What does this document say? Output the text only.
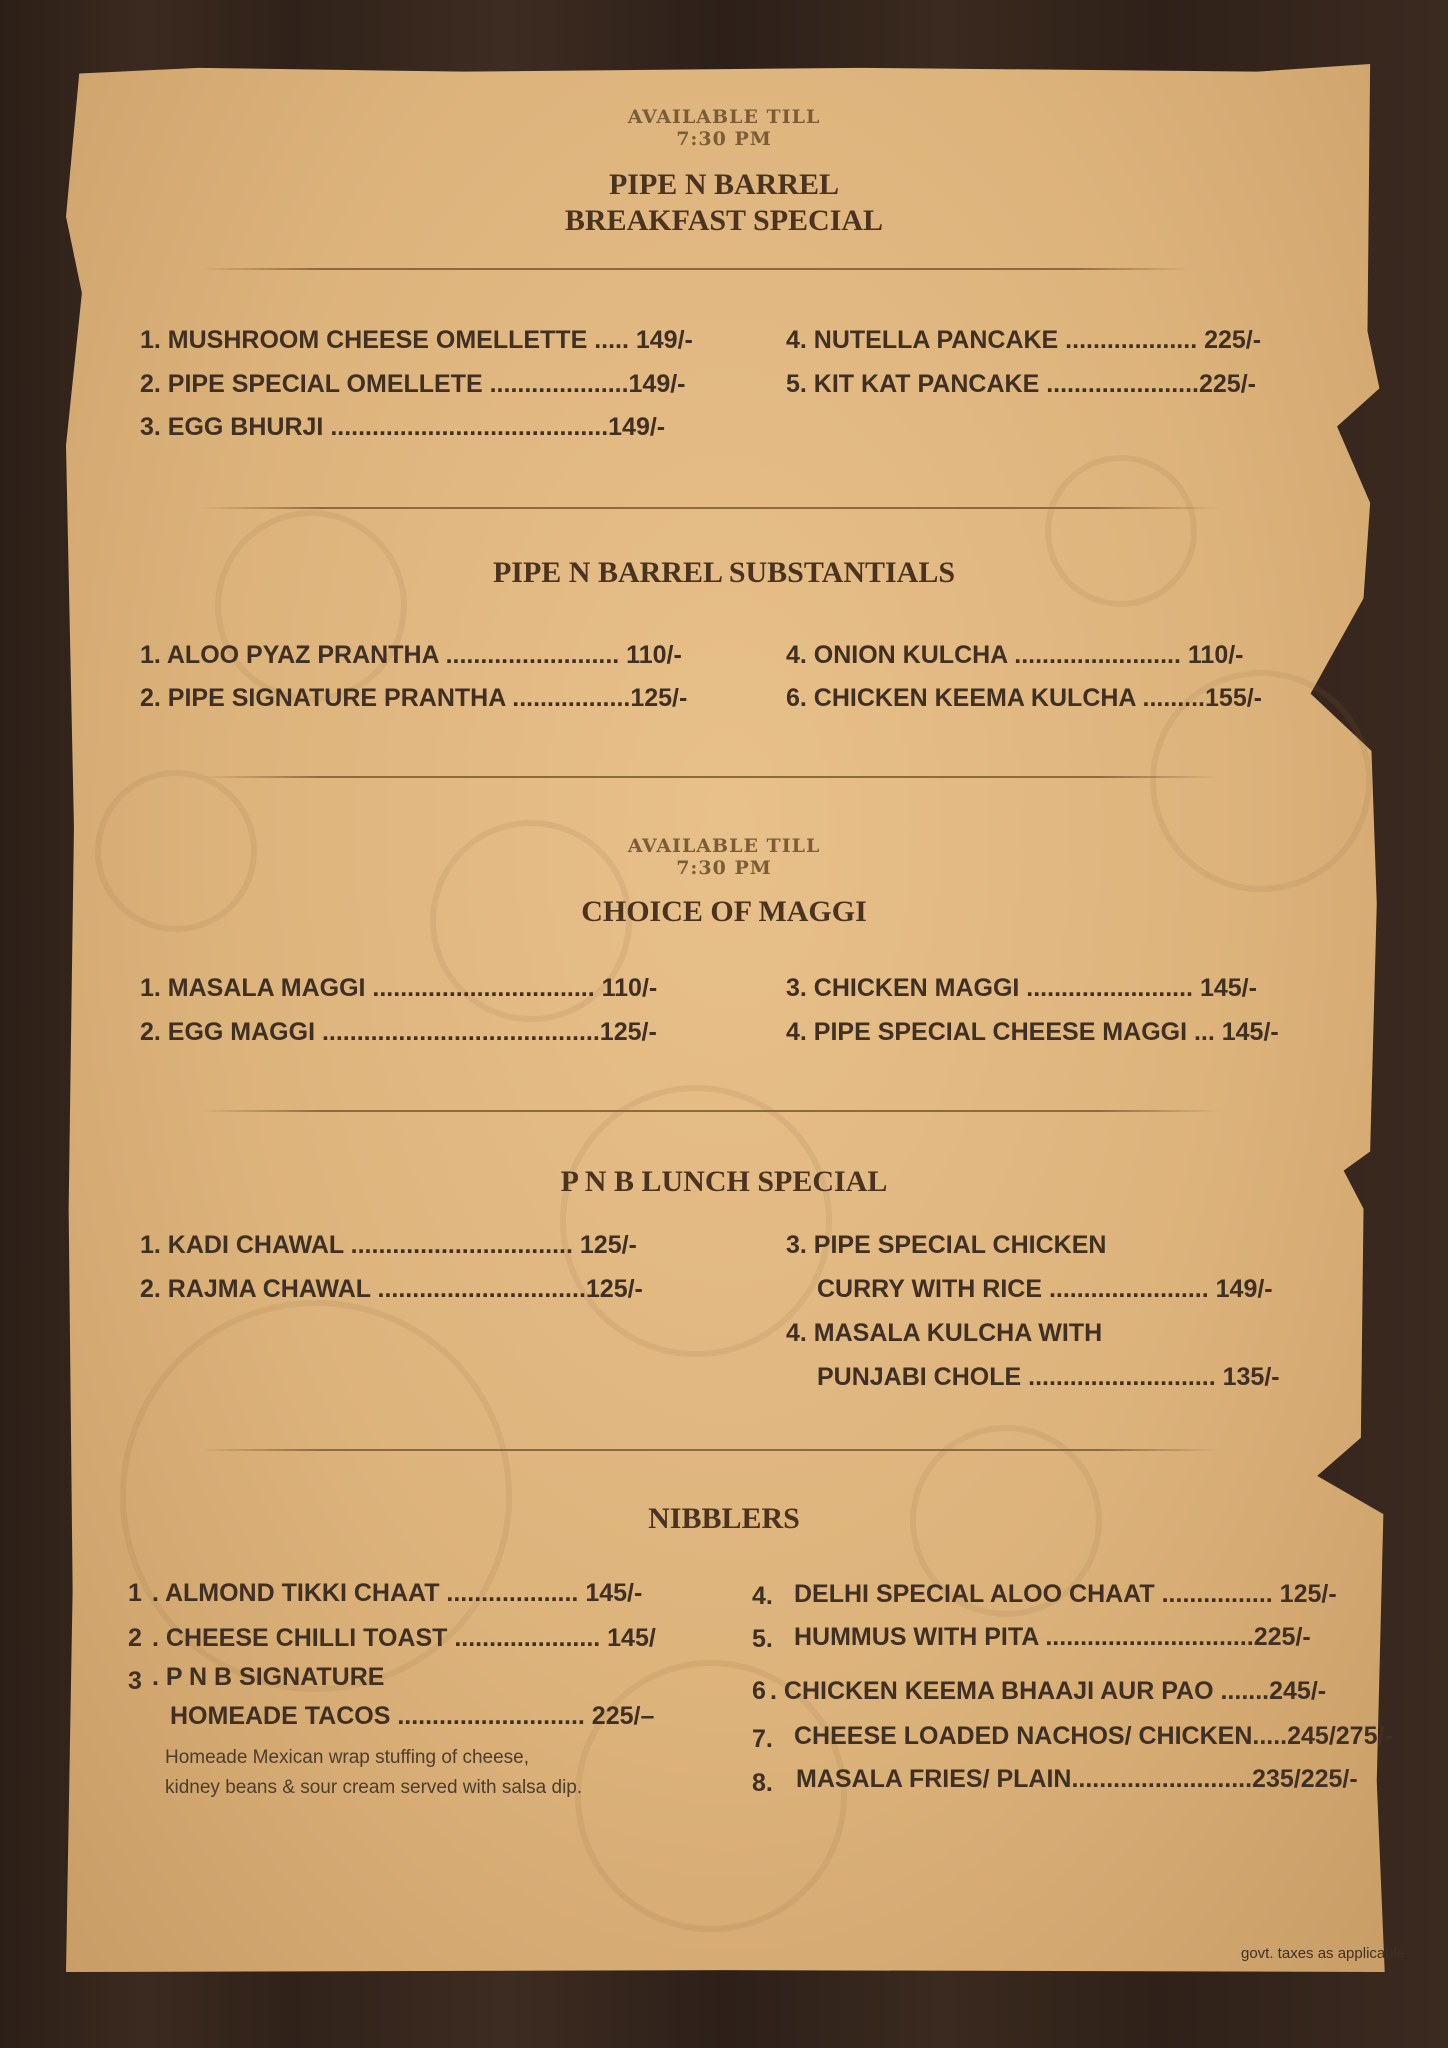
AVAILABLE TILL
7:30 PM
PIPE N BARREL
BREAKFAST SPECIAL
1. MUSHROOM CHEESE OMELLETTE ..... 149/-
2. PIPE SPECIAL OMELLETE ....................149/-
3. EGG BHURJI ........................................149/-
4. NUTELLA PANCAKE ................... 225/-
5. KIT KAT PANCAKE ......................225/-
PIPE N BARREL SUBSTANTIALS
1. ALOO PYAZ PRANTHA ......................... 110/-
2. PIPE SIGNATURE PRANTHA .................125/-
4. ONION KULCHA ........................ 110/-
6. CHICKEN KEEMA KULCHA .........155/-
AVAILABLE TILL
7:30 PM
CHOICE OF MAGGI
1. MASALA MAGGI ................................ 110/-
2. EGG MAGGI ........................................125/-
3. CHICKEN MAGGI ........................ 145/-
4. PIPE SPECIAL CHEESE MAGGI ... 145/-
P N B LUNCH SPECIAL
1. KADI CHAWAL ................................ 125/-
2. RAJMA CHAWAL ..............................125/-
3. PIPE SPECIAL CHICKEN
CURRY WITH RICE ....................... 149/-
4. MASALA KULCHA WITH
PUNJABI CHOLE ........................... 135/-
NIBBLERS
1 . ALMOND TIKKI CHAAT ................... 145/-
2 . CHEESE CHILLI TOAST ..................... 145/
3 . P N B SIGNATURE
HOMEADE TACOS ........................... 225/–
Homeade Mexican wrap stuffing of cheese,
kidney beans & sour cream served with salsa dip.
4. DELHI SPECIAL ALOO CHAAT ................ 125/-
5. HUMMUS WITH PITA ..............................225/-
6 . CHICKEN KEEMA BHAAJI AUR PAO .......245/-
7. CHEESE LOADED NACHOS/ CHICKEN.....245/275/-
8. MASALA FRIES/ PLAIN..........................235/225/-
govt. taxes as applicable
